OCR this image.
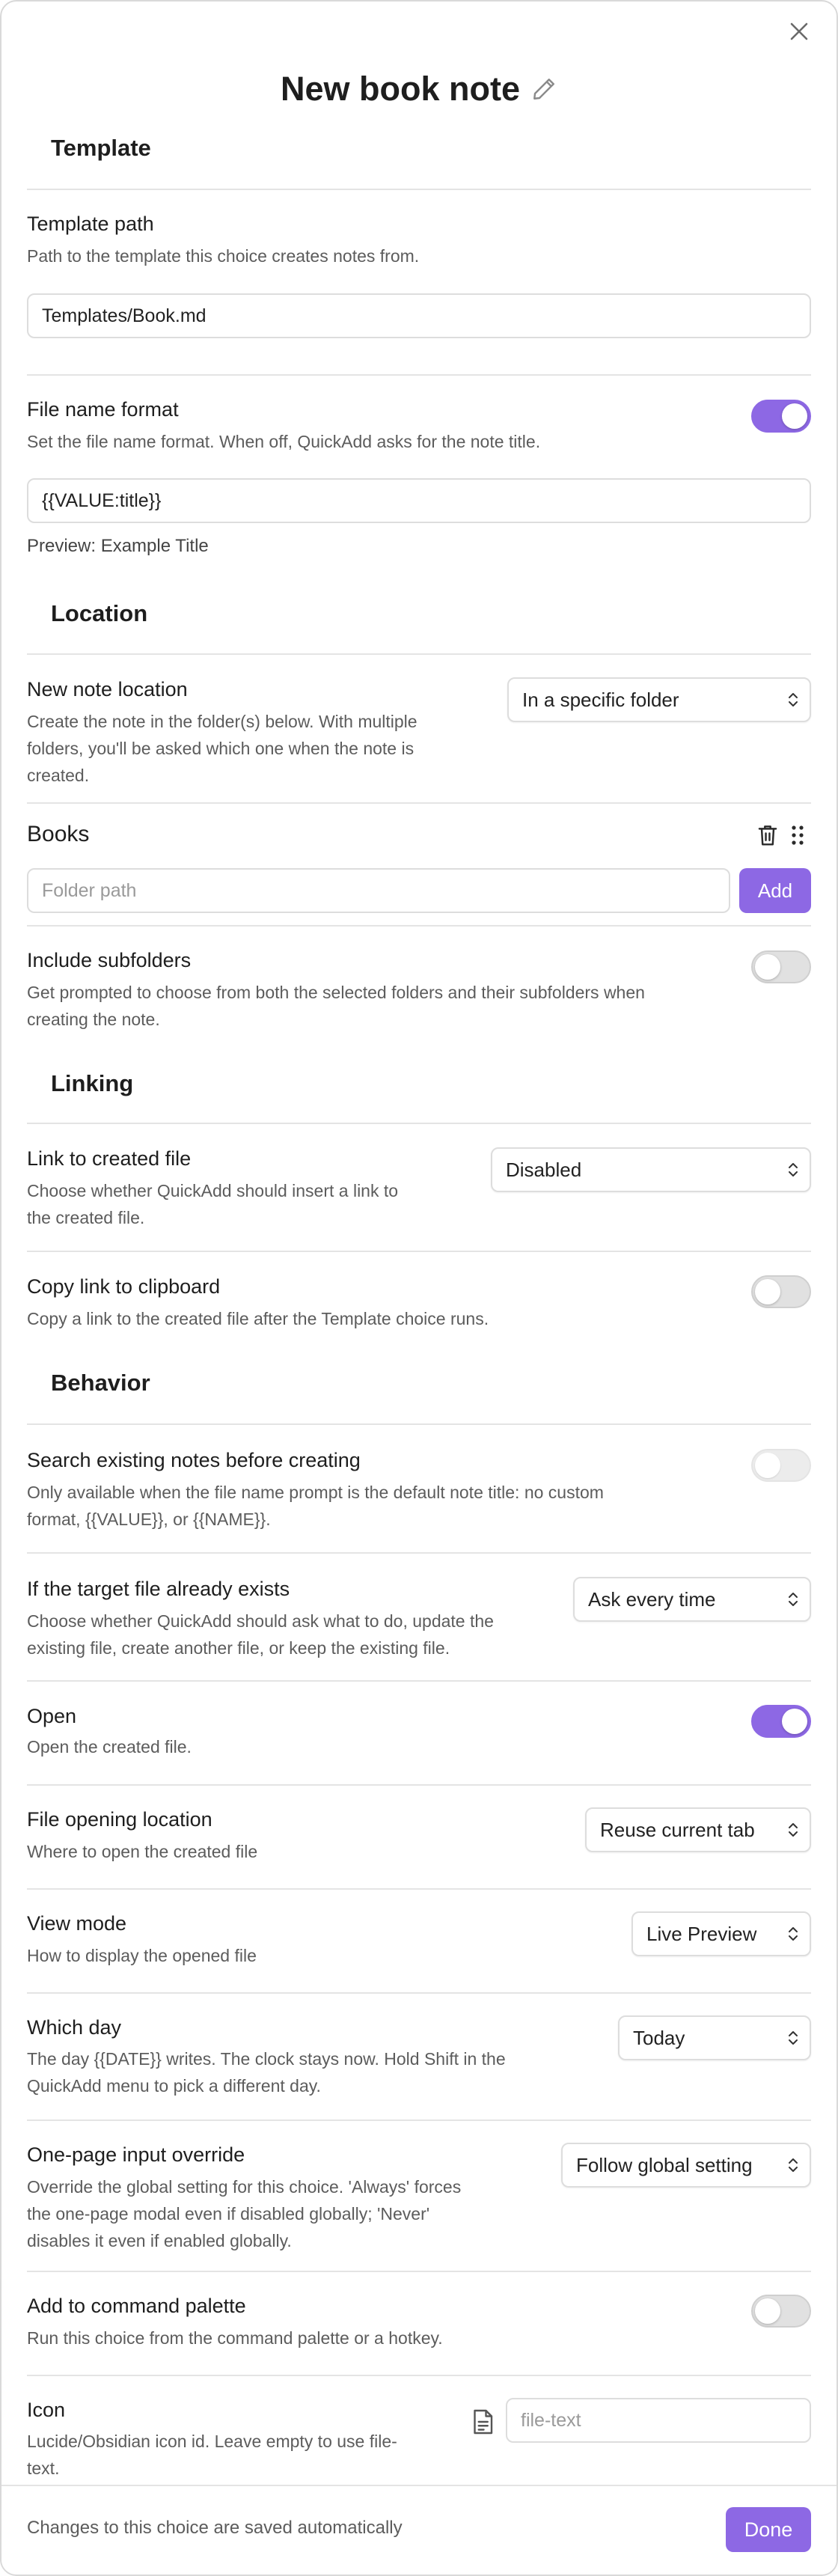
New book note
Template
Template path
Path to the template this choice creates notes from.
Templates/Book.md
File name format
Set the file name format. When off, QuickAdd asks for the note title.
{{VALUE:title}}
Preview: Example Title
Location
New note location
Create the note in the folder(s) below. With multiple
folders, you'll be asked which one when the note is
created.
In a specific folder
Books
Folder path	Add
Include subfolders
Get prompted to choose from both the selected folders and their subfolders when
creating the note.
Linking
Link to created file
Choose whether QuickAdd should insert a link to
the created file.
Disabled
Copy link to clipboard
Copy a link to the created file after the Template choice runs.
Behavior
Search existing notes before creating
Only available when the file name prompt is the default note title: no custom
format, {{VALUE}}, or {{NAME}}.
If the target file already exists
Choose whether QuickAdd should ask what to do, update the
existing file, create another file, or keep the existing file.
Ask every time
Open
Open the created file.
File opening location
Where to open the created file
Reuse current tab
View mode
How to display the opened file
Live Preview
Which day
The day {{DATE}} writes. The clock stays now. Hold Shift in the
QuickAdd menu to pick a different day.
Today
One-page input override
Override the global setting for this choice. 'Always' forces
the one-page modal even if disabled globally; 'Never'
disables it even if enabled globally.
Follow global setting
Add to command palette
Run this choice from the command palette or a hotkey.
Icon
Lucide/Obsidian icon id. Leave empty to use file-
text.
file-text
Changes to this choice are saved automatically	Done
